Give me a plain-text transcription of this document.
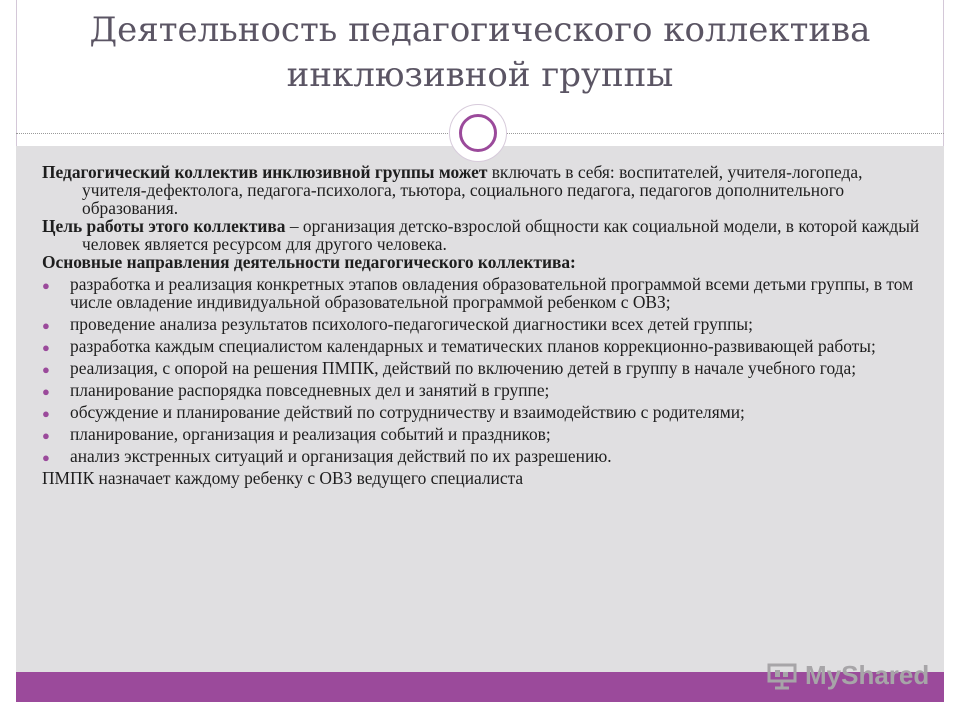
Деятельность педагогического коллектива
инклюзивной группы

Педагогический коллектив инклюзивной группы может включать в себя: воспитателей, учителя-логопеда, учителя-дефектолога, педагога-психолога, тьютора, социального педагога, педагогов дополнительного образования.

Цель работы этого коллектива – организация детско-взрослой общности как социальной модели, в которой каждый человек является ресурсом для другого человека.

Основные направления деятельности педагогического коллектива:

● разработка и реализация конкретных этапов овладения образовательной программой всеми детьми группы, в том числе овладение индивидуальной образовательной программой ребенком с ОВЗ;
● проведение анализа результатов психолого-педагогической диагностики всех детей группы;
● разработка каждым специалистом календарных и тематических планов коррекционно-развивающей работы;
● реализация, с опорой на решения ПМПК, действий по включению детей в группу в начале учебного года;
● планирование распорядка повседневных дел и занятий в группе;
● обсуждение и планирование действий по сотрудничеству и взаимодействию с родителями;
● планирование, организация и реализация событий и праздников;
● анализ экстренных ситуаций и организация действий по их разрешению.

ПМПК назначает каждому ребенку с ОВЗ ведущего специалиста

MyShared
